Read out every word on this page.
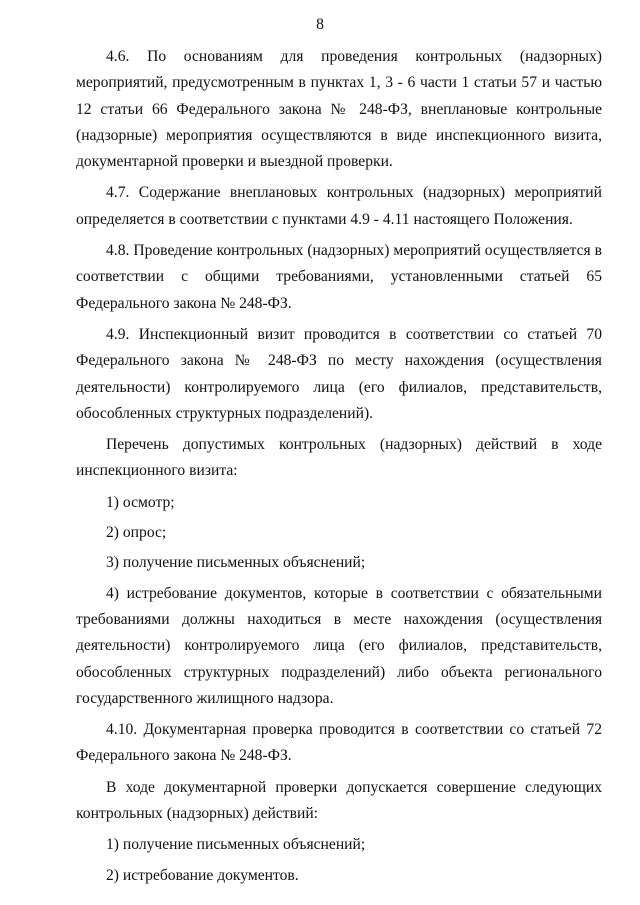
8

4.6. По основаниям для проведения контрольных (надзорных) мероприятий, предусмотренным в пунктах 1, 3 - 6 части 1 статьи 57 и частью 12 статьи 66 Федерального закона № 248-ФЗ, внеплановые контрольные (надзорные) мероприятия осуществляются в виде инспекционного визита, документарной проверки и выездной проверки.

4.7. Содержание внеплановых контрольных (надзорных) мероприятий определяется в соответствии с пунктами 4.9 - 4.11 настоящего Положения.

4.8. Проведение контрольных (надзорных) мероприятий осуществляется в соответствии с общими требованиями, установленными статьей 65 Федерального закона № 248-ФЗ.

4.9. Инспекционный визит проводится в соответствии со статьей 70 Федерального закона № 248-ФЗ по месту нахождения (осуществления деятельности) контролируемого лица (его филиалов, представительств, обособленных структурных подразделений).

Перечень допустимых контрольных (надзорных) действий в ходе инспекционного визита:

1) осмотр;

2) опрос;

3) получение письменных объяснений;

4) истребование документов, которые в соответствии с обязательными требованиями должны находиться в месте нахождения (осуществления деятельности) контролируемого лица (его филиалов, представительств, обособленных структурных подразделений) либо объекта регионального государственного жилищного надзора.

4.10. Документарная проверка проводится в соответствии со статьей 72 Федерального закона № 248-ФЗ.

В ходе документарной проверки допускается совершение следующих контрольных (надзорных) действий:

1) получение письменных объяснений;

2) истребование документов.
